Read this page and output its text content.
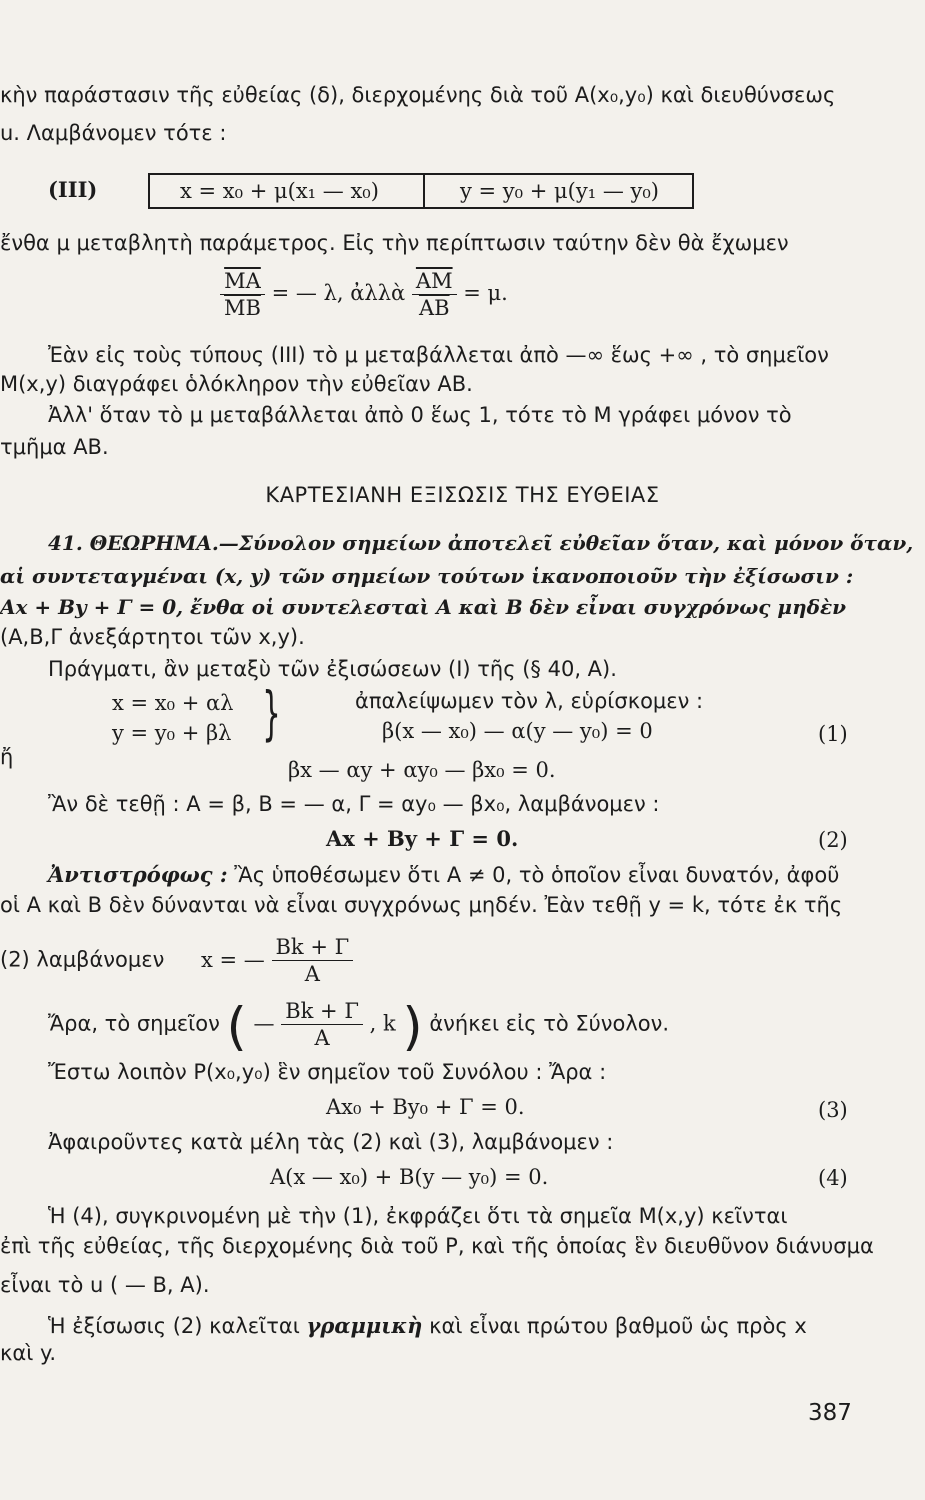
κὴν παράστασιν τῆς εὐθείας (δ), διερχομένης διὰ τοῦ A(x₀,y₀) καὶ διευθύνσεως
u. Λαμβάνομεν τότε :
(III)	x = x₀ + μ(x₁ — x₀)	y = y₀ + μ(y₁ — y₀)
ἔνθα μ μεταβλητὴ παράμετρος. Εἰς τὴν περίπτωσιν ταύτην δὲν θὰ ἔχωμεν
$\frac{\overline{MA}}{MB}$ = — λ, ἀλλὰ $\frac{\overline{AM}}{AB} = \mu$.
Ἐὰν εἰς τοὺς τύπους (III) τὸ μ μεταβάλλεται ἀπὸ —∞ ἕως +∞ , τὸ σημεῖον
M(x,y) διαγράφει ὁλόκληρον τὴν εὐθεῖαν AB.
Ἀλλ' ὅταν τὸ μ μεταβάλλεται ἀπὸ 0 ἕως 1, τότε τὸ M γράφει μόνον τὸ
τμῆμα AB.
ΚΑΡΤΕΣΙΑΝΗ ΕΞΙΣΩΣΙΣ ΤΗΣ ΕΥΘΕΙΑΣ
41. ΘΕΩΡΗΜΑ.—Σύνολον σημείων ἀποτελεῖ εὐθεῖαν ὅταν, καὶ μόνον ὅταν,
αἱ συντεταγμέναι (x, y) τῶν σημείων τούτων ἱκανοποιοῦν τὴν ἐξίσωσιν :
Ax + By + Γ = 0, ἔνθα οἱ συντελεσταὶ A καὶ B δὲν εἶναι συγχρόνως μηδὲν
(A,B,Γ ἀνεξάρτητοι τῶν x,y).
Πράγματι, ἂν μεταξὺ τῶν ἐξισώσεων (I) τῆς (§ 40, A).
x = x₀ + αλ }	ἀπαλείψωμεν τὸν λ, εὑρίσκομεν :
y = y₀ + βλ	β(x — x₀) — α(y — y₀) = 0	(1)
ἤ
βx — αy + αy₀ — βx₀ = 0.
Ἂν δὲ τεθῇ : A = β, B = — α, Γ = αy₀ — βx₀, λαμβάνομεν :
Ax + By + Γ = 0.	(2)
Ἀντιστρόφως : Ἂς ὑποθέσωμεν ὅτι A ≠ 0, τὸ ὁποῖον εἶναι δυνατόν, ἀφοῦ
οἱ A καὶ B δὲν δύνανται νὰ εἶναι συγχρόνως μηδέν. Ἐὰν τεθῇ y = k, τότε ἐκ τῆς
(2) λαμβάνομεν x = — $\frac{Bk + \Gamma}{A}$
Ἄρα, τὸ σημεῖον ( — $\frac{Bk + \Gamma}{A}$ , k ) ἀνήκει εἰς τὸ Σύνολον.
Ἔστω λοιπὸν P(x₀,y₀) ἓν σημεῖον τοῦ Συνόλου : Ἄρα :
Ax₀ + By₀ + Γ = 0.	(3)
Ἀφαιροῦντες κατὰ μέλη τὰς (2) καὶ (3), λαμβάνομεν :
A(x — x₀) + B(y — y₀) = 0.	(4)
Ἡ (4), συγκρινομένη μὲ τὴν (1), ἐκφράζει ὅτι τὰ σημεῖα M(x,y) κεῖνται
ἐπὶ τῆς εὐθείας, τῆς διερχομένης διὰ τοῦ P, καὶ τῆς ὁποίας ἓν διευθῦνον διάνυσμα
εἶναι τὸ u ( — B, A).
Ἡ ἐξίσωσις (2) καλεῖται γραμμικὴ καὶ εἶναι πρώτου βαθμοῦ ὡς πρὸς x
καὶ y.
387
